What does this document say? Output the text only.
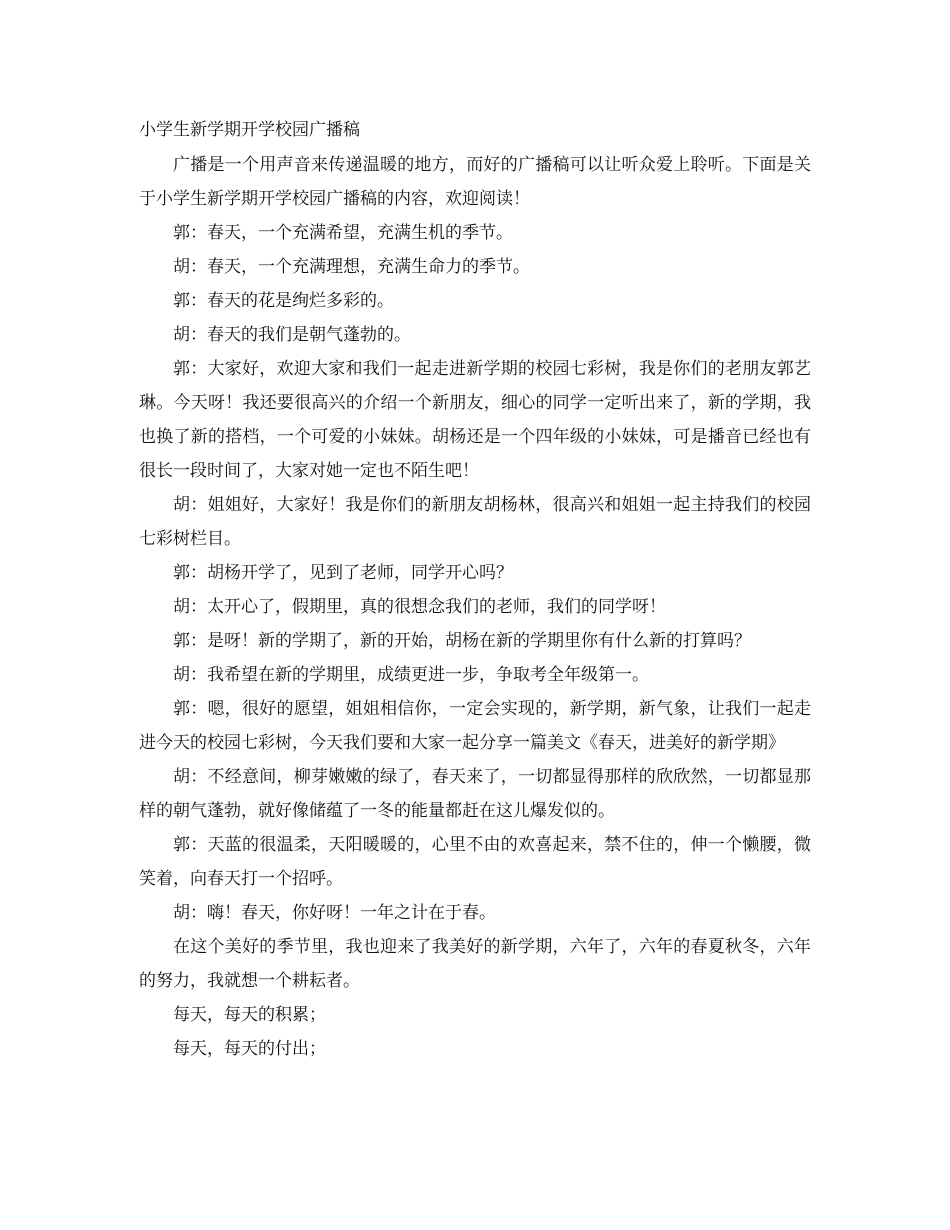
小学生新学期开学校园广播稿

广播是一个用声音来传递温暖的地方，而好的广播稿可以让听众爱上聆听。下面是关于小学生新学期开学校园广播稿的内容，欢迎阅读！

郭：春天，一个充满希望，充满生机的季节。

胡：春天，一个充满理想，充满生命力的季节。

郭：春天的花是绚烂多彩的。

胡：春天的我们是朝气蓬勃的。

郭：大家好，欢迎大家和我们一起走进新学期的校园七彩树，我是你们的老朋友郭艺琳。今天呀！我还要很高兴的介绍一个新朋友，细心的同学一定听出来了，新的学期，我也换了新的搭档，一个可爱的小妹妹。胡杨还是一个四年级的小妹妹，可是播音已经也有很长一段时间了，大家对她一定也不陌生吧！

胡：姐姐好，大家好！我是你们的新朋友胡杨林，很高兴和姐姐一起主持我们的校园七彩树栏目。

郭：胡杨开学了，见到了老师，同学开心吗？

胡：太开心了，假期里，真的很想念我们的老师，我们的同学呀！

郭：是呀！新的学期了，新的开始，胡杨在新的学期里你有什么新的打算吗？

胡：我希望在新的学期里，成绩更进一步，争取考全年级第一。

郭：嗯，很好的愿望，姐姐相信你，一定会实现的，新学期，新气象，让我们一起走进今天的校园七彩树，今天我们要和大家一起分享一篇美文《春天，进美好的新学期》

胡：不经意间，柳芽嫩嫩的绿了，春天来了，一切都显得那样的欣欣然，一切都显那样的朝气蓬勃，就好像储蕴了一冬的能量都赶在这儿爆发似的。

郭：天蓝的很温柔，天阳暖暖的，心里不由的欢喜起来，禁不住的，伸一个懒腰，微笑着，向春天打一个招呼。

胡：嗨！春天，你好呀！一年之计在于春。

在这个美好的季节里，我也迎来了我美好的新学期，六年了，六年的春夏秋冬，六年的努力，我就想一个耕耘者。

每天，每天的积累；

每天，每天的付出；
